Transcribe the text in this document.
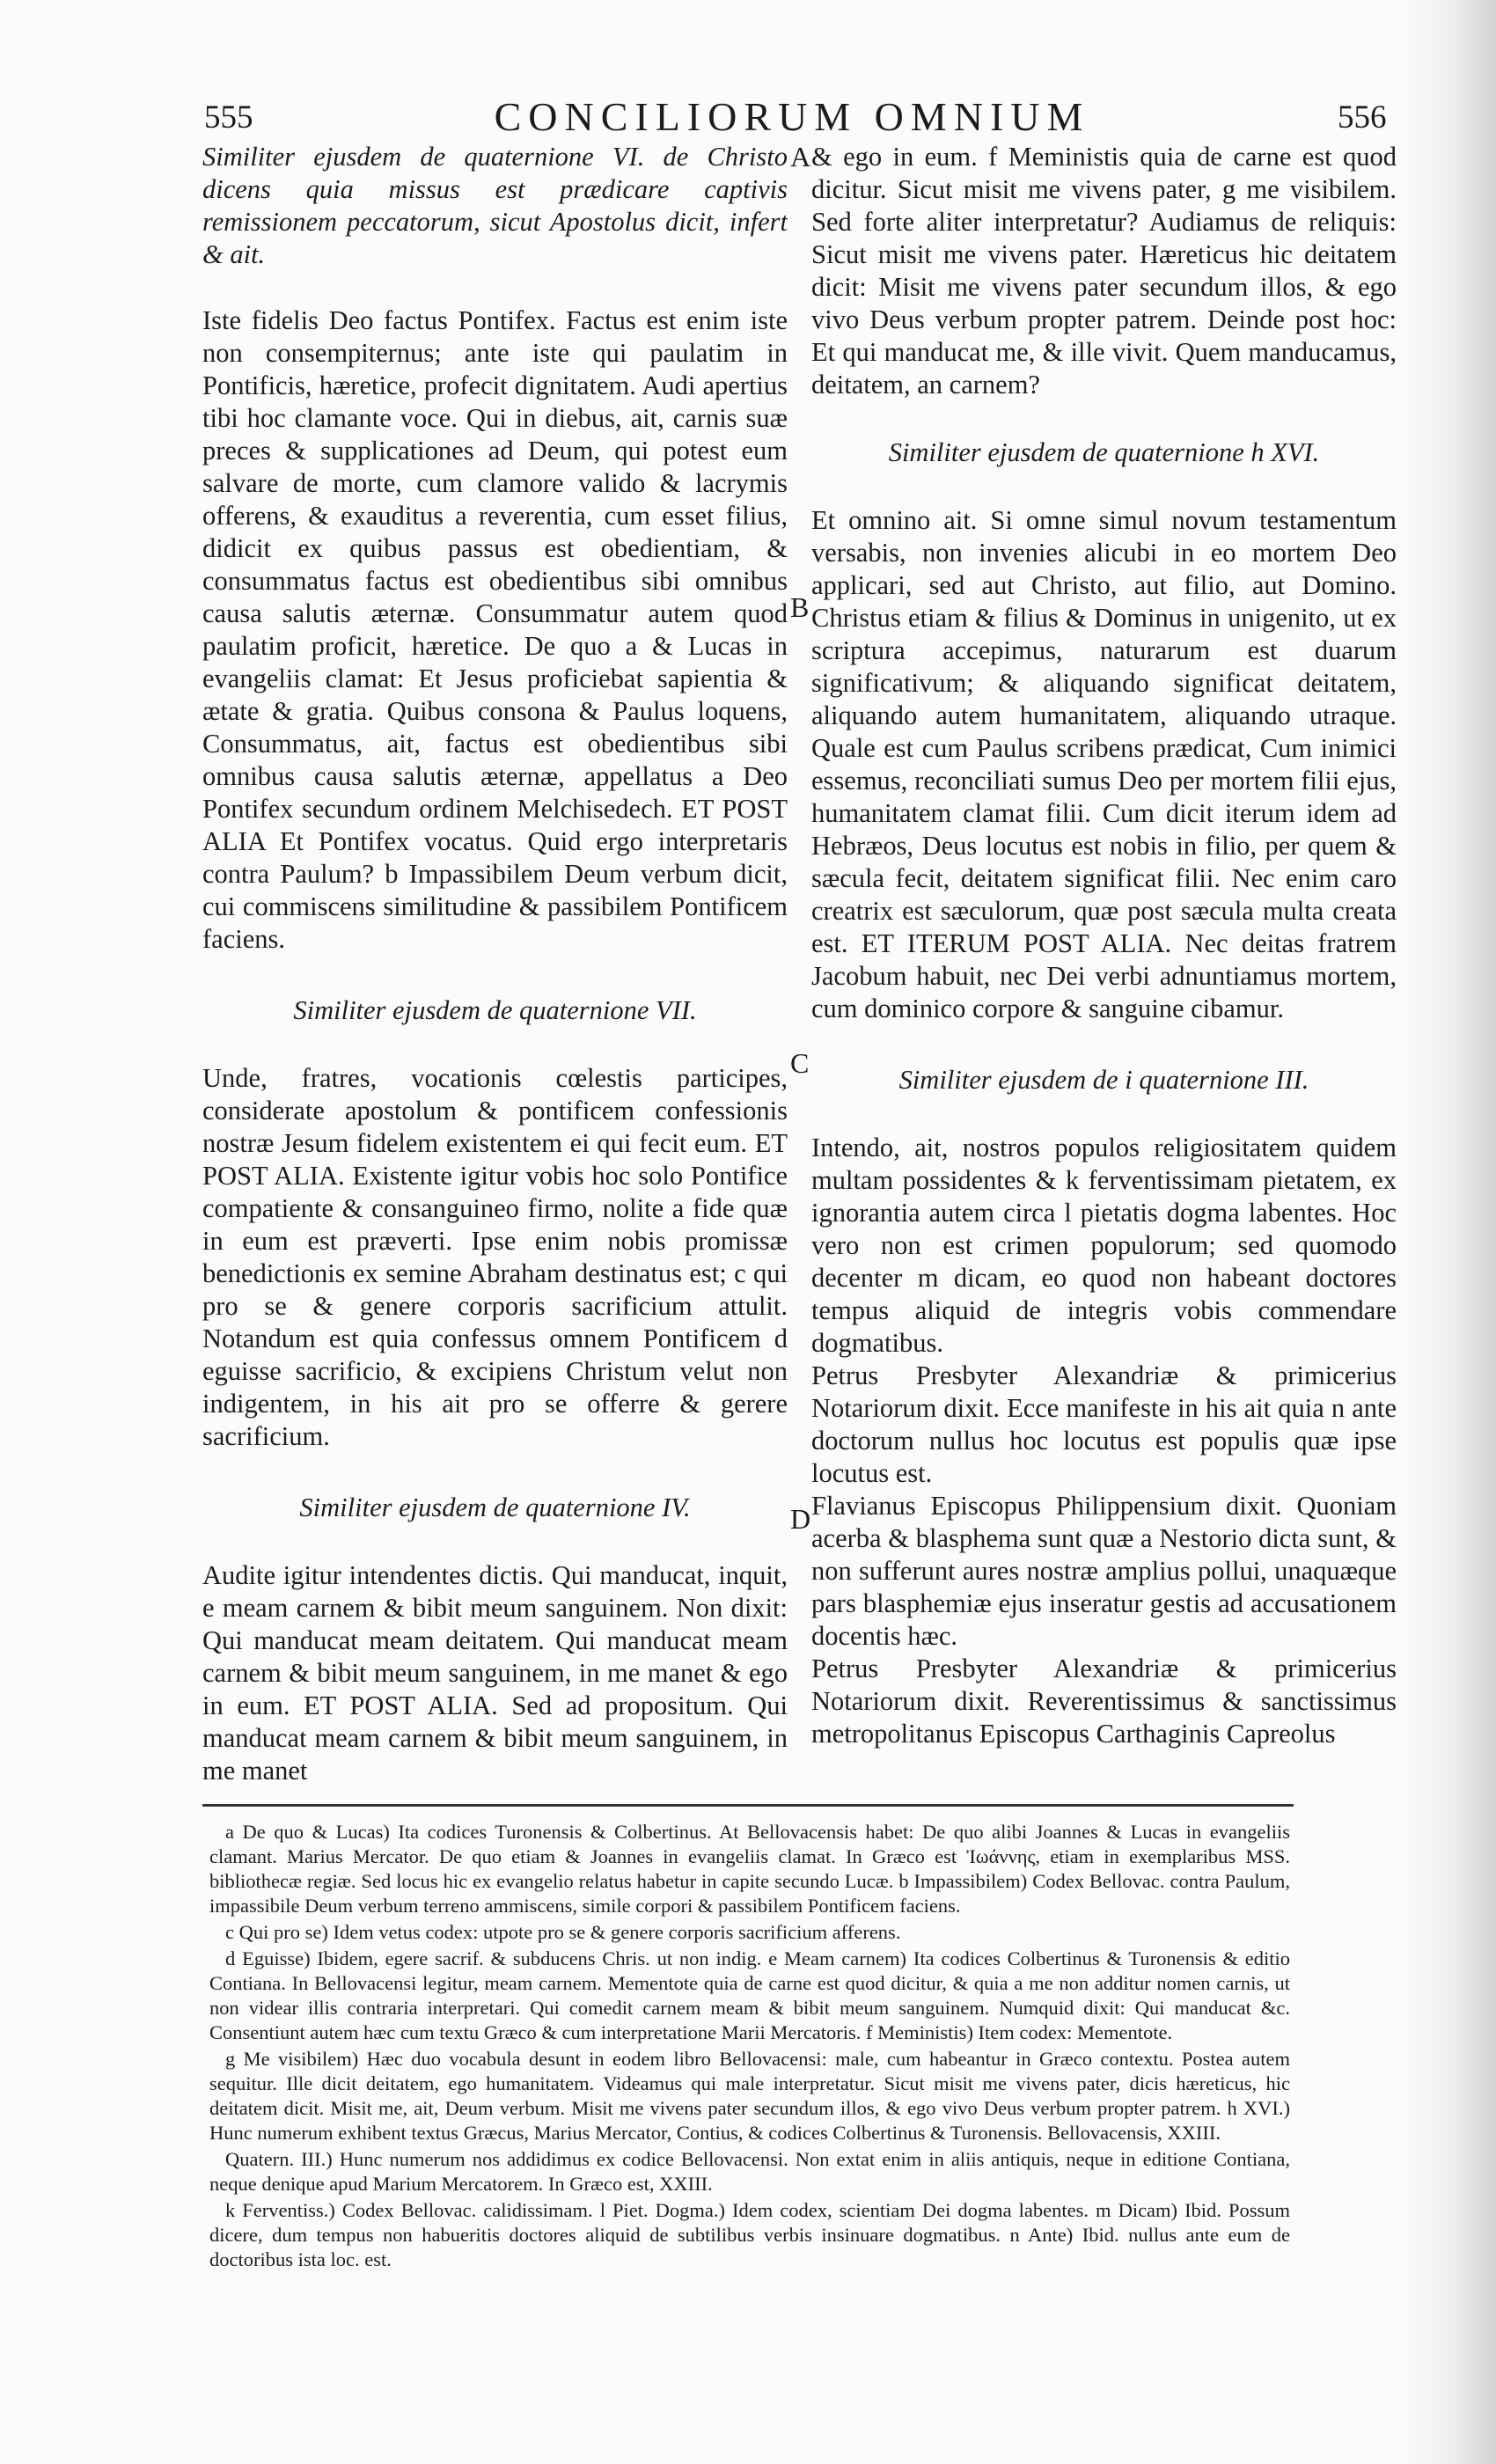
555	CONCILIORUM OMNIUM	556

Similiter ejusdem de quaternione VI. de Christo dicens quia missus est prædicare captivis remissionem peccatorum, sicut Apostolus dicit, infert & ait.

Iste fidelis Deo factus Pontifex. Factus est enim iste non consempiternus; ante iste qui paulatim in Pontificis, hæretice, profecit dignitatem. Audi apertius tibi hoc clamante voce. Qui in diebus, ait, carnis suæ preces & supplicationes ad Deum, qui potest eum salvare de morte, cum clamore valido & lacrymis offerens, & exauditus a reverentia, cum esset filius, didicit ex quibus passus est obedientiam, & consummatus factus est obedientibus sibi omnibus causa salutis æternæ. Consummatur autem quod paulatim proficit, hæretice. De quo a & Lucas in evangeliis clamat: Et Jesus proficiebat sapientia & ætate & gratia. Quibus consona & Paulus loquens, Consummatus, ait, factus est obedientibus sibi omnibus causa salutis æternæ, appellatus a Deo Pontifex secundum ordinem Melchisedech. ET POST ALIA Et Pontifex vocatus. Quid ergo interpretaris contra Paulum? b Impassibilem Deum verbum dicit, cui commiscens similitudine & passibilem Pontificem faciens.

Similiter ejusdem de quaternione VII.

Unde, fratres, vocationis cœlestis participes, considerate apostolum & pontificem confessionis nostræ Jesum fidelem existentem ei qui fecit eum. ET POST ALIA. Existente igitur vobis hoc solo Pontifice compatiente & consanguineo firmo, nolite a fide quæ in eum est præverti. Ipse enim nobis promissæ benedictionis ex semine Abraham destinatus est; c qui pro se & genere corporis sacrificium attulit. Notandum est quia confessus omnem Pontificem d eguisse sacrificio, & excipiens Christum velut non indigentem, in his ait pro se offerre & gerere sacrificium.

Similiter ejusdem de quaternione IV.

Audite igitur intendentes dictis. Qui manducat, inquit, e meam carnem & bibit meum sanguinem. Non dixit: Qui manducat meam deitatem. Qui manducat meam carnem & bibit meum sanguinem, in me manet & ego in eum. ET POST ALIA. Sed ad propositum. Qui manducat meam carnem & bibit meum sanguinem, in me manet

A
B
C
D

& ego in eum. f Meministis quia de carne est quod dicitur. Sicut misit me vivens pater, g me visibilem. Sed forte aliter interpretatur? Audiamus de reliquis: Sicut misit me vivens pater. Hæreticus hic deitatem dicit: Misit me vivens pater secundum illos, & ego vivo Deus verbum propter patrem. Deinde post hoc: Et qui manducat me, & ille vivit. Quem manducamus, deitatem, an carnem?

Similiter ejusdem de quaternione h XVI.

Et omnino ait. Si omne simul novum testamentum versabis, non invenies alicubi in eo mortem Deo applicari, sed aut Christo, aut filio, aut Domino. Christus etiam & filius & Dominus in unigenito, ut ex scriptura accepimus, naturarum est duarum significativum; & aliquando significat deitatem, aliquando autem humanitatem, aliquando utraque. Quale est cum Paulus scribens prædicat, Cum inimici essemus, reconciliati sumus Deo per mortem filii ejus, humanitatem clamat filii. Cum dicit iterum idem ad Hebræos, Deus locutus est nobis in filio, per quem & sæcula fecit, deitatem significat filii. Nec enim caro creatrix est sæculorum, quæ post sæcula multa creata est. ET ITERUM POST ALIA. Nec deitas fratrem Jacobum habuit, nec Dei verbi adnuntiamus mortem, cum dominico corpore & sanguine cibamur.

Similiter ejusdem de i quaternione III.

Intendo, ait, nostros populos religiositatem quidem multam possidentes & k ferventissimam pietatem, ex ignorantia autem circa l pietatis dogma labentes. Hoc vero non est crimen populorum; sed quomodo decenter m dicam, eo quod non habeant doctores tempus aliquid de integris vobis commendare dogmatibus.

Petrus Presbyter Alexandriæ & primicerius Notariorum dixit. Ecce manifeste in his ait quia n ante doctorum nullus hoc locutus est populis quæ ipse locutus est.

Flavianus Episcopus Philippensium dixit. Quoniam acerba & blasphema sunt quæ a Nestorio dicta sunt, & non sufferunt aures nostræ amplius pollui, unaquæque pars blasphemiæ ejus inseratur gestis ad accusationem docentis hæc.

Petrus Presbyter Alexandriæ & primicerius Notariorum dixit. Reverentissimus & sanctissimus metropolitanus Episcopus Carthaginis Capreolus

a De quo & Lucas) Ita codices Turonensis & Colbertinus. At Bellovacensis habet: De quo alibi Joannes & Lucas in evangeliis clamant. Marius Mercator. De quo etiam & Joannes in evangeliis clamat. In Græco est Ἰωάννης, etiam in exemplaribus MSS. bibliothecæ regiæ. Sed locus hic ex evangelio relatus habetur in capite secundo Lucæ. b Impassibilem) Codex Bellovac. contra Paulum, impassibile Deum verbum terreno ammiscens, simile corpori & passibilem Pontificem faciens.

c Qui pro se) Idem vetus codex: utpote pro se & genere corporis sacrificium afferens.

d Eguisse) Ibidem, egere sacrif. & subducens Chris. ut non indig. e Meam carnem) Ita codices Colbertinus & Turonensis & editio Contiana. In Bellovacensi legitur, meam carnem. Mementote quia de carne est quod dicitur, & quia a me non additur nomen carnis, ut non videar illis contraria interpretari. Qui comedit carnem meam & bibit meum sanguinem. Numquid dixit: Qui manducat &c. Consentiunt autem hæc cum textu Græco & cum interpretatione Marii Mercatoris. f Meministis) Item codex: Mementote.

g Me visibilem) Hæc duo vocabula desunt in eodem libro Bellovacensi: male, cum habeantur in Græco contextu. Postea autem sequitur. Ille dicit deitatem, ego humanitatem. Videamus qui male interpretatur. Sicut misit me vivens pater, dicis hæreticus, hic deitatem dicit. Misit me, ait, Deum verbum. Misit me vivens pater secundum illos, & ego vivo Deus verbum propter patrem. h XVI.) Hunc numerum exhibent textus Græcus, Marius Mercator, Contius, & codices Colbertinus & Turonensis. Bellovacensis, XXIII.

Quatern. III.) Hunc numerum nos addidimus ex codice Bellovacensi. Non extat enim in aliis antiquis, neque in editione Contiana, neque denique apud Marium Mercatorem. In Græco est, XXIII.

k Ferventiss.) Codex Bellovac. calidissimam. l Piet. Dogma.) Idem codex, scientiam Dei dogma labentes. m Dicam) Ibid. Possum dicere, dum tempus non habueritis doctores aliquid de subtilibus verbis insinuare dogmatibus. n Ante) Ibid. nullus ante eum de doctoribus ista loc. est.
